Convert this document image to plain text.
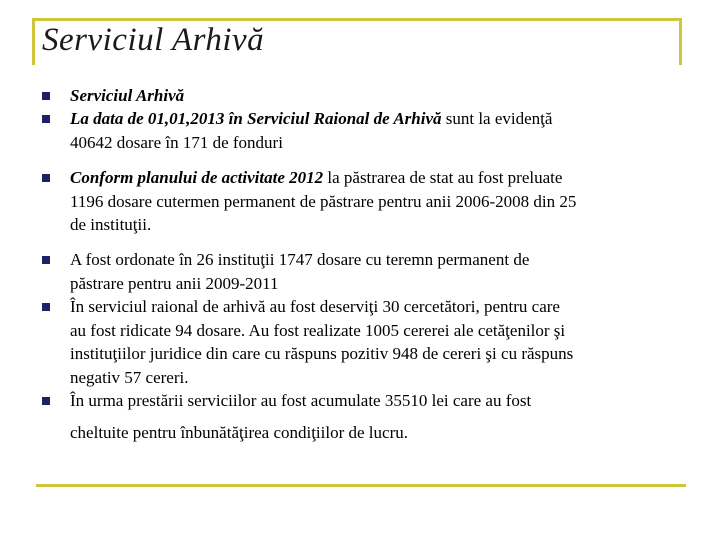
Serviciul Arhivă
Serviciul Arhivă
La data de 01,01,2013 în Serviciul Raional de Arhivă sunt la evidenţă
40642 dosare în 171 de fonduri
Conform planului de activitate 2012 la păstrarea de stat au fost preluate
1196 dosare cutermen permanent de păstrare pentru anii 2006-2008 din 25
de instituţii.
A fost ordonate în 26 instituţii 1747 dosare cu teremn permanent de
păstrare pentru anii 2009-2011
În serviciul raional de arhivă au fost deserviţi 30 cercetători, pentru care
au fost ridicate 94 dosare. Au fost realizate 1005 cererei ale cetăţenilor şi
instituţiilor juridice din care cu răspuns pozitiv 948 de cereri şi cu răspuns
negativ 57 cereri.
În urma prestării serviciilor au fost acumulate 35510 lei care au fost
cheltuite pentru înbunătăţirea condiţiilor de lucru.
